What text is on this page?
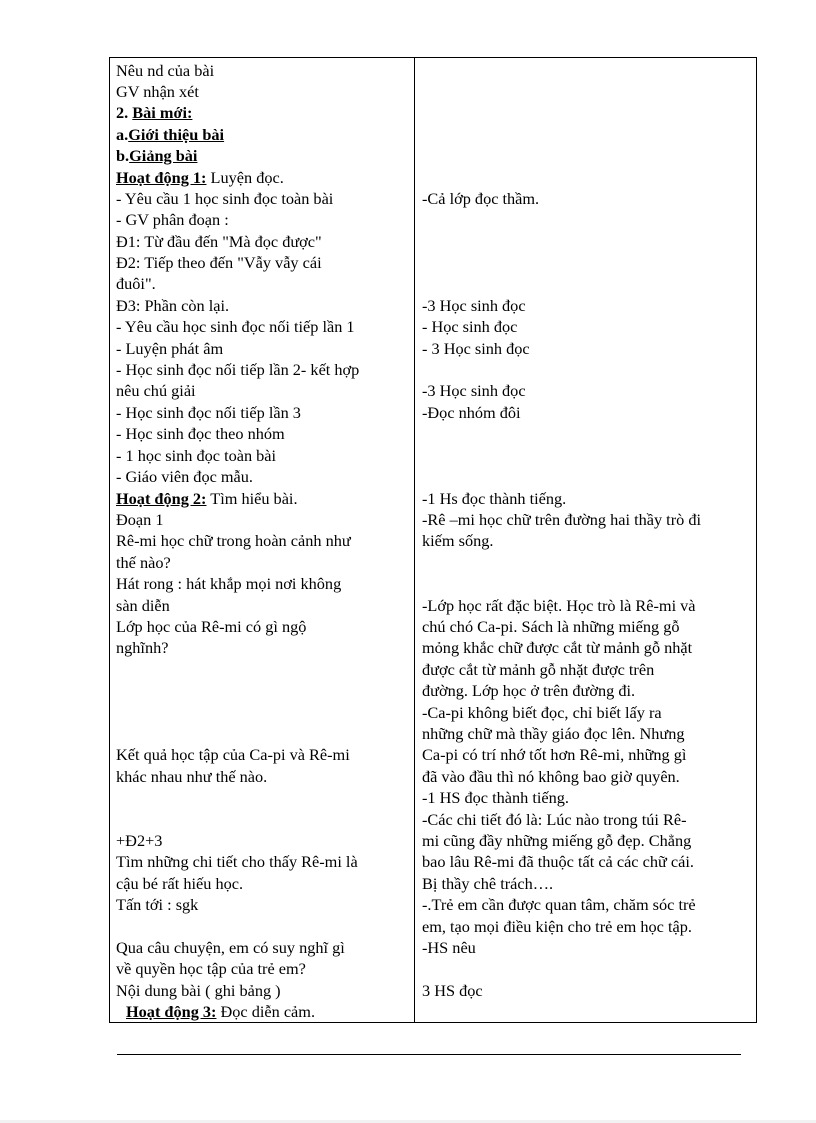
Nêu nd của bài
GV nhận xét
2. Bài mới:
a.Giới thiệu bài
b.Giảng bài
Hoạt động 1: Luyện đọc.
- Yêu cầu 1 học sinh đọc toàn bài
- GV phân đoạn :
Đ1: Từ đầu đến "Mà đọc được"
Đ2: Tiếp theo đến "Vẫy vẫy cái
đuôi".
Đ3: Phần còn lại.
- Yêu cầu học sinh đọc nối tiếp lần 1
- Luyện phát âm
- Học sinh đọc nối tiếp lần 2- kết hợp
nêu chú giải
- Học sinh đọc nối tiếp lần 3
- Học sinh đọc theo nhóm
- 1 học sinh đọc toàn bài
- Giáo viên đọc mẫu.
Hoạt động 2: Tìm hiểu bài.
Đoạn 1
Rê-mi học chữ trong hoàn cảnh như
thế nào?
Hát rong : hát khắp mọi nơi không
sàn diễn
Lớp học của Rê-mi có gì ngộ
nghĩnh?
Kết quả học tập của Ca-pi và Rê-mi
khác nhau như thế nào.
+Đ2+3
Tìm những chi tiết cho thấy Rê-mi là
cậu bé rất hiếu học.
Tấn tới : sgk
Qua câu chuyện, em có suy nghĩ gì
về quyền học tập của trẻ em?
Nội dung bài ( ghi bảng )
Hoạt động 3: Đọc diễn cảm.
-Cả lớp đọc thầm.
-3 Học sinh đọc
- Học sinh đọc
- 3 Học sinh đọc
-3 Học sinh đọc
-Đọc nhóm đôi
-1 Hs đọc thành tiếng.
-Rê –mi học chữ trên đường hai thầy trò đi
kiếm sống.
-Lớp học rất đặc biệt. Học trò là Rê-mi và
chú chó Ca-pi. Sách là những miếng gỗ
mỏng khắc chữ được cắt từ mảnh gỗ nhặt
được cắt từ mảnh gỗ nhặt được trên
đường. Lớp học ở trên đường đi.
-Ca-pi không biết đọc, chỉ biết lấy ra
những chữ mà thầy giáo đọc lên. Nhưng
Ca-pi có trí nhớ tốt hơn Rê-mi, những gì
đã vào đầu thì nó không bao giờ quyên.
-1 HS đọc thành tiếng.
-Các chi tiết đó là: Lúc nào trong túi Rê-
mi cũng đầy những miếng gỗ đẹp. Chẳng
bao lâu Rê-mi đã thuộc tất cả các chữ cái.
Bị thầy chê trách….
-.Trẻ em cần được quan tâm, chăm sóc trẻ
em, tạo mọi điều kiện cho trẻ em học tập.
-HS nêu
3 HS đọc
